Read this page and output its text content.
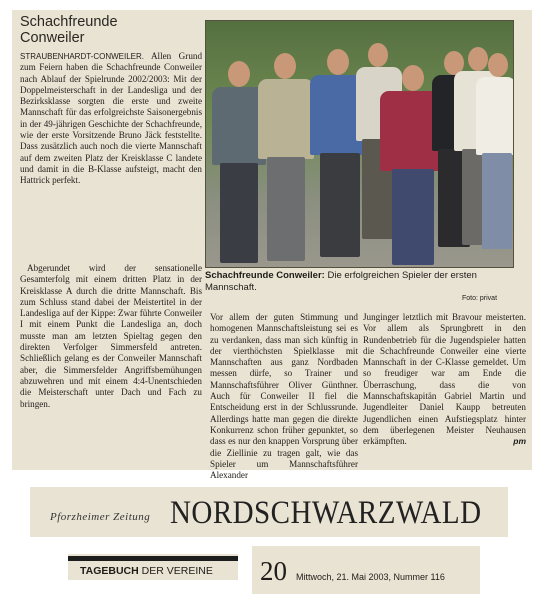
Schachfreunde
Conweiler

STRAUBENHARDT-CONWEILER. Allen Grund zum Feiern haben die Schachfreunde Conweiler nach Ablauf der Spielrunde 2002/2003: Mit der Doppelmeisterschaft in der Landesliga und der Bezirksklasse sorgten die erste und zweite Mannschaft für das erfolgreichste Saisonergebnis in der 49-jährigen Geschichte der Schachfreunde, wie der erste Vorsitzende Bruno Jäck feststellte. Dass zusätzlich auch noch die vierte Mannschaft auf dem zweiten Platz der Kreisklasse C landete und damit in die B-Klasse aufsteigt, macht den Hattrick perfekt.

Abgerundet wird der sensationelle Gesamterfolg mit einem dritten Platz in der Kreisklasse A durch die dritte Mannschaft. Bis zum Schluss stand dabei der Meistertitel in der Landesliga auf der Kippe: Zwar führte Conweiler I mit einem Punkt die Landesliga an, doch musste man am letzten Spieltag gegen den direkten Verfolger Simmersfeld antreten. Schließlich gelang es der Conweiler Mannschaft aber, die Simmersfelder Angriffsbemühungen abzuwehren und mit einem 4:4-Unentschieden die Meisterschaft unter Dach und Fach zu bringen.

Schachfreunde Conweiler: Die erfolgreichen Spieler der ersten Mannschaft.
Foto: privat

Vor allem der guten Stimmung und homogenen Mannschaftsleistung sei es zu verdanken, dass man sich künftig in der vierthöchsten Spielklasse mit Mannschaften aus ganz Nordbaden messen dürfe, so Trainer und Mannschaftsführer Oliver Günthner. Auch für Conweiler II fiel die Entscheidung erst in der Schlussrunde. Allerdings hatte man gegen die direkte Konkurrenz schon früher gepunktet, so dass es nur den knappen Vorsprung über die Ziellinie zu tragen galt, wie das Spieler um Mannschaftsführer Alexander

Junginger letztlich mit Bravour meisterten. Vor allem als Sprungbrett in den Rundenbetrieb für die Jugendspieler hatten die Schachfreunde Conweiler eine vierte Mannschaft in der C-Klasse gemeldet. Um so freudiger war am Ende die Überraschung, dass die von Mannschaftskapitän Gabriel Martin und Jugendleiter Daniel Kaupp betreuten Jugendlichen einen Aufstiegsplatz hinter dem überlegenen Meister Neuhausen erkämpften.	pm

Pforzheimer Zeitung NORDSCHWARZWALD
TAGEBUCH DER VEREINE 20 Mittwoch, 21. Mai 2003, Nummer 116
